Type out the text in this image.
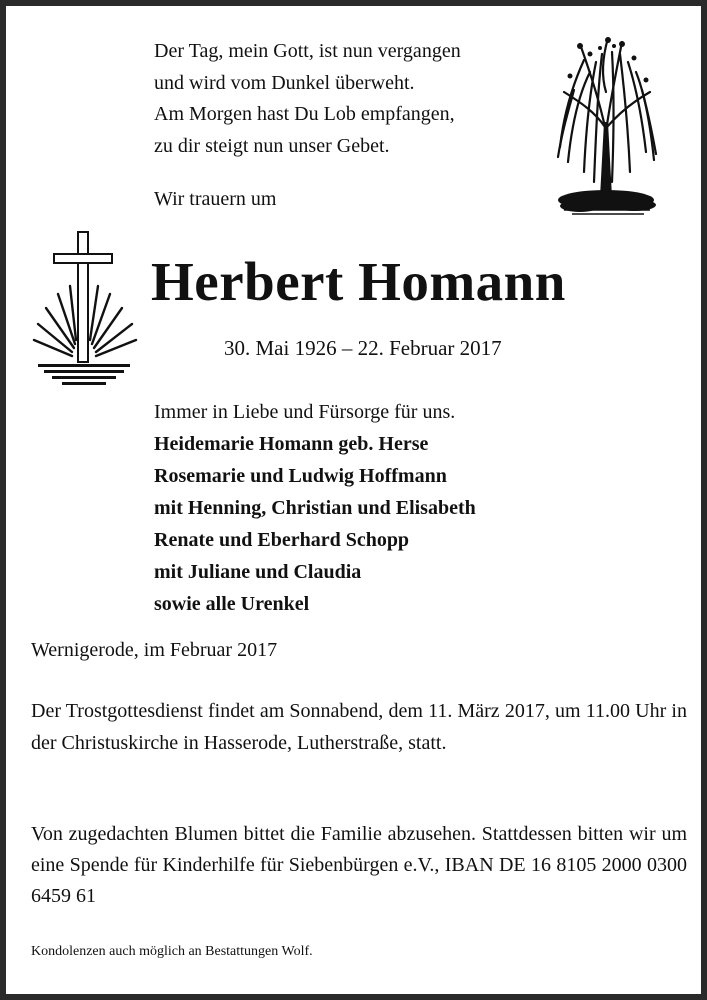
Der Tag, mein Gott, ist nun vergangen
und wird vom Dunkel überweht.
Am Morgen hast Du Lob empfangen,
zu dir steigt nun unser Gebet.
Wir trauern um
Herbert Homann
30. Mai 1926 – 22. Februar 2017
Immer in Liebe und Fürsorge für uns.
Heidemarie Homann geb. Herse
Rosemarie und Ludwig Hoffmann
mit Henning, Christian und Elisabeth
Renate und Eberhard Schopp
mit Juliane und Claudia
sowie alle Urenkel
Wernigerode, im Februar 2017
Der Trostgottesdienst findet am Sonnabend, dem 11. März 2017, um 11.00 Uhr in der Christuskirche in Hasserode, Lutherstraße, statt.
Von zugedachten Blumen bittet die Familie abzusehen. Stattdessen bitten wir um eine Spende für Kinderhilfe für Siebenbürgen e.V., IBAN DE 16 8105 2000 0300 6459 61
Kondolenzen auch möglich an Bestattungen Wolf.
